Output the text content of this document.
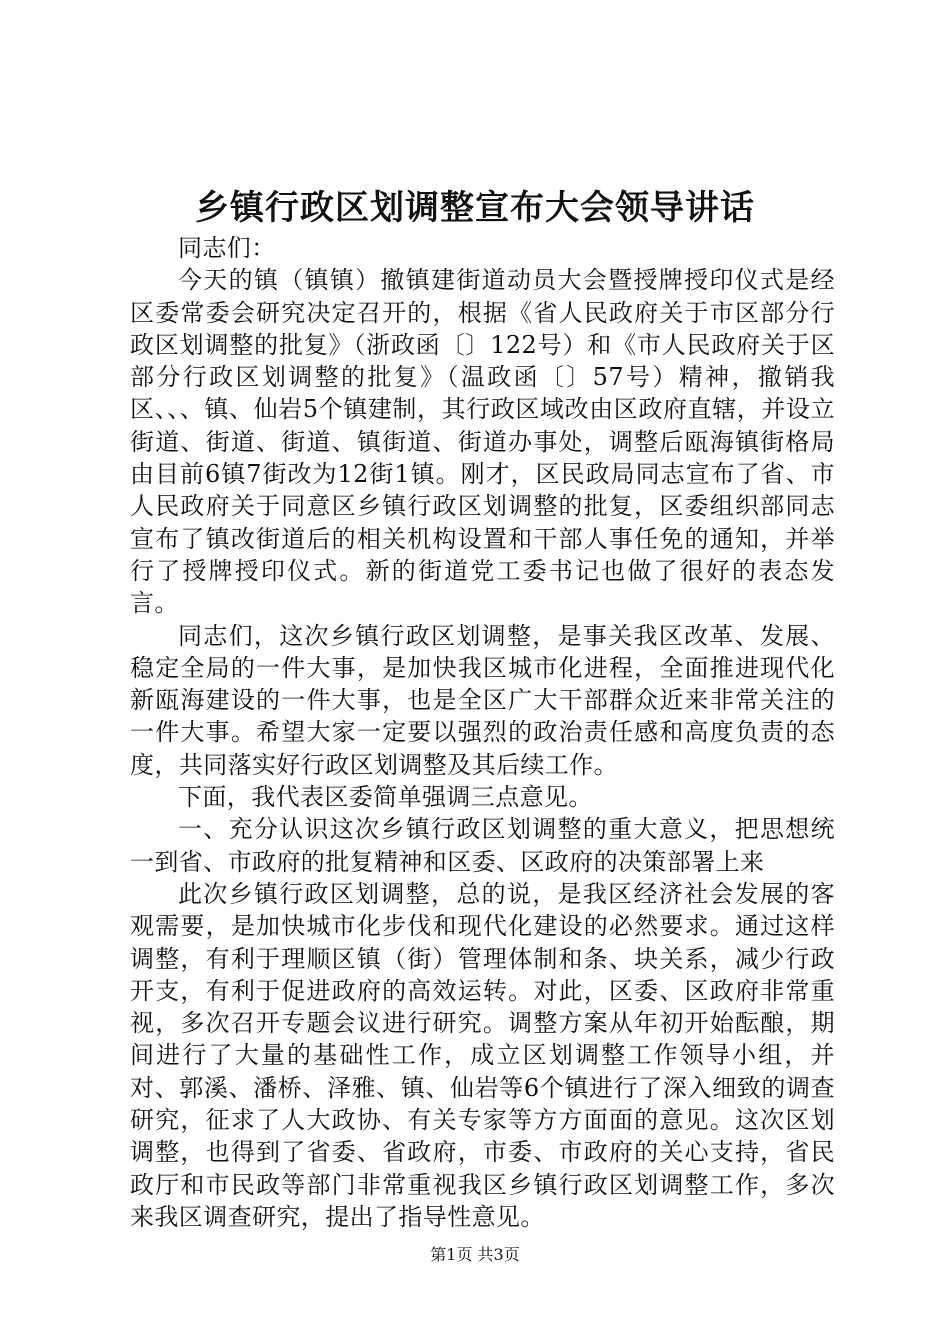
乡镇行政区划调整宣布大会领导讲话

同志们：

今天的镇（镇镇）撤镇建街道动员大会暨授牌授印仪式是经区委常委会研究决定召开的，根据《省人民政府关于市区部分行政区划调整的批复》（浙政函〔〕122号）和《市人民政府关于区部分行政区划调整的批复》（温政函〔〕57号）精神，撤销我区、、、镇、仙岩5个镇建制，其行政区域改由区政府直辖，并设立街道、街道、街道、镇街道、街道办事处，调整后瓯海镇街格局由目前6镇7街改为12街1镇。刚才，区民政局同志宣布了省、市人民政府关于同意区乡镇行政区划调整的批复，区委组织部同志宣布了镇改街道后的相关机构设置和干部人事任免的通知，并举行了授牌授印仪式。新的街道党工委书记也做了很好的表态发言。

同志们，这次乡镇行政区划调整，是事关我区改革、发展、稳定全局的一件大事，是加快我区城市化进程，全面推进现代化新瓯海建设的一件大事，也是全区广大干部群众近来非常关注的一件大事。希望大家一定要以强烈的政治责任感和高度负责的态度，共同落实好行政区划调整及其后续工作。

下面，我代表区委简单强调三点意见。

一、充分认识这次乡镇行政区划调整的重大意义，把思想统一到省、市政府的批复精神和区委、区政府的决策部署上来

此次乡镇行政区划调整，总的说，是我区经济社会发展的客观需要，是加快城市化步伐和现代化建设的必然要求。通过这样调整，有利于理顺区镇（街）管理体制和条、块关系，减少行政开支，有利于促进政府的高效运转。对此，区委、区政府非常重视，多次召开专题会议进行研究。调整方案从年初开始酝酿，期间进行了大量的基础性工作，成立区划调整工作领导小组，并对、郭溪、潘桥、泽雅、镇、仙岩等6个镇进行了深入细致的调查研究，征求了人大政协、有关专家等方方面面的意见。这次区划调整，也得到了省委、省政府，市委、市政府的关心支持，省民政厅和市民政等部门非常重视我区乡镇行政区划调整工作，多次来我区调查研究，提出了指导性意见。

第1页 共3页
